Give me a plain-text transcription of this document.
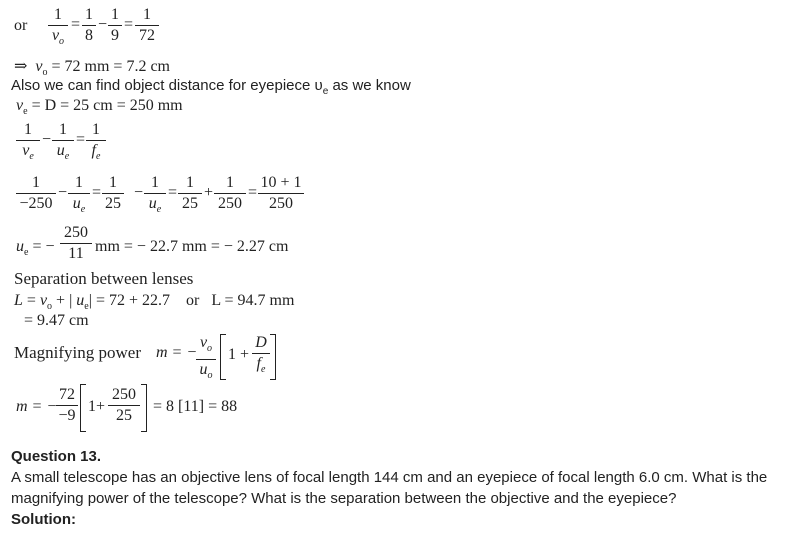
or
1
$v_o$
=
1
8
−
1
9
=
1
72
⇒ $v_o = 72$ mm = 7.2 cm
Also we can find object distance for eyepiece $\upsilon_e$ as we know
$v_e = D = 25$ cm = 250 mm
1
$v_e$
−
1
$u_e$
=
1
$f_e$
1
−250
−
1
$u_e$
=
1
25
−
1
$u_e$
=
1
25
+
1
250
=
10 + 1
250
$u_e$ = −
250
11 mm = − 22.7 mm = − 2.27 cm
Separation between lenses
$L = v_o$ + | $u_e| = 72 + 22.7$ or L = 94.7 mm
= 9.47 cm
Magnifying power m = −
$v_o$
$u_o$
1 +
D
$f_e$
m = −
72
−9
1+
250
25
= 8 [11] = 88
Question 13.
A small telescope has an objective lens of focal length 144 cm and an eyepiece of focal length 6.0 cm. What is the
magnifying power of the telescope? What is the separation between the objective and the eyepiece?
Solution:
